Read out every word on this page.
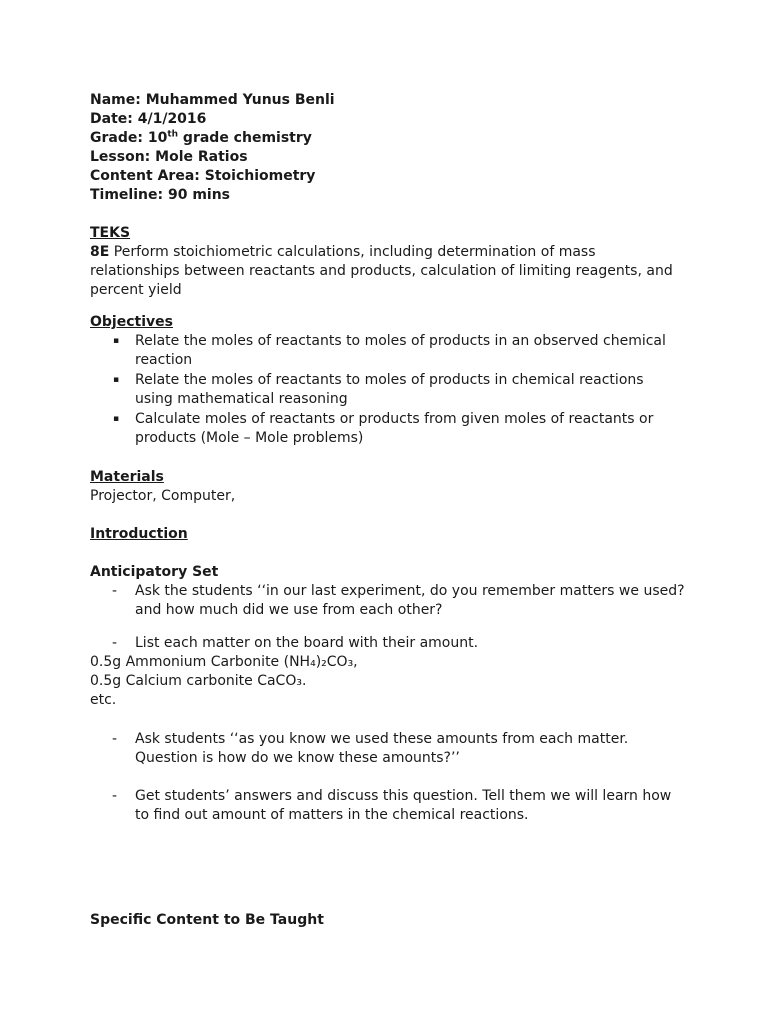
Name: Muhammed Yunus Benli
Date: 4/1/2016
Grade: 10th grade chemistry
Lesson: Mole Ratios
Content Area: Stoichiometry
Timeline: 90 mins
TEKS
8E Perform stoichiometric calculations, including determination of mass
relationships between reactants and products, calculation of limiting reagents, and
percent yield
Objectives
▪ Relate the moles of reactants to moles of products in an observed chemical
reaction
▪ Relate the moles of reactants to moles of products in chemical reactions
using mathematical reasoning
▪ Calculate moles of reactants or products from given moles of reactants or
products (Mole – Mole problems)
Materials
Projector, Computer,
Introduction
Anticipatory Set
- Ask the students ‘‘in our last experiment, do you remember matters we used?
and how much did we use from each other?
- List each matter on the board with their amount.
0.5g Ammonium Carbonite (NH₄)₂CO₃,
0.5g Calcium carbonite CaCO₃.
etc.
- Ask students ‘‘as you know we used these amounts from each matter.
Question is how do we know these amounts?’’
- Get students’ answers and discuss this question. Tell them we will learn how
to find out amount of matters in the chemical reactions.
Specific Content to Be Taught
